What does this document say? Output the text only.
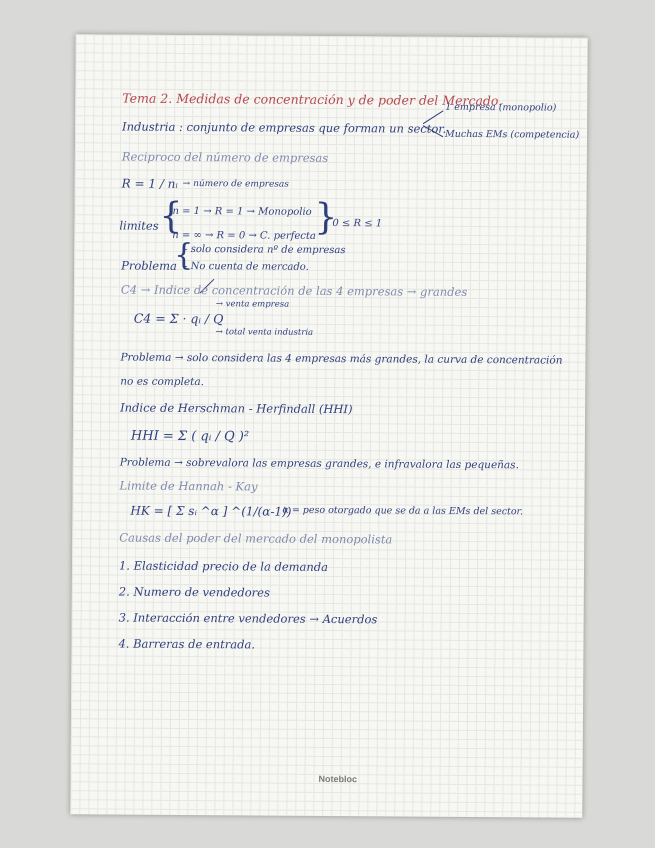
Tema 2. Medidas de concentración y de poder del Mercado.
Industria : conjunto de empresas que forman un sector.
1 empresa (monopolio)
Muchas EMs (competencia)
Reciproco del número de empresas
R = 1 / nᵢ → número de empresas
limites {
n = 1 → R = 1 → Monopolio
n = ∞ → R = 0 → C. perfecta
}
0 ≤ R ≤ 1
Problema
{
- solo considera nº de empresas
- No cuenta de mercado.
C4 → Indice de concentración de las 4 empresas → grandes
C4 = Σ · qᵢ / Q
→ venta empresa
→ total venta industria
Problema → solo considera las 4 empresas más grandes, la curva de concentración
no es completa.
Indice de Herschman - Herfindall (HHI)
HHI = Σ ( qᵢ / Q )²
Problema → sobrevalora las empresas grandes, e infravalora las pequeñas.
Limite de Hannah - Kay
HK = [ Σ sᵢ ^α ] ^(1/(α-1))
α = peso otorgado que se da a las EMs del sector.
Causas del poder del mercado del monopolista
1. Elasticidad precio de la demanda
2. Numero de vendedores
3. Interacción entre vendedores → Acuerdos
4. Barreras de entrada.
Notebloc
